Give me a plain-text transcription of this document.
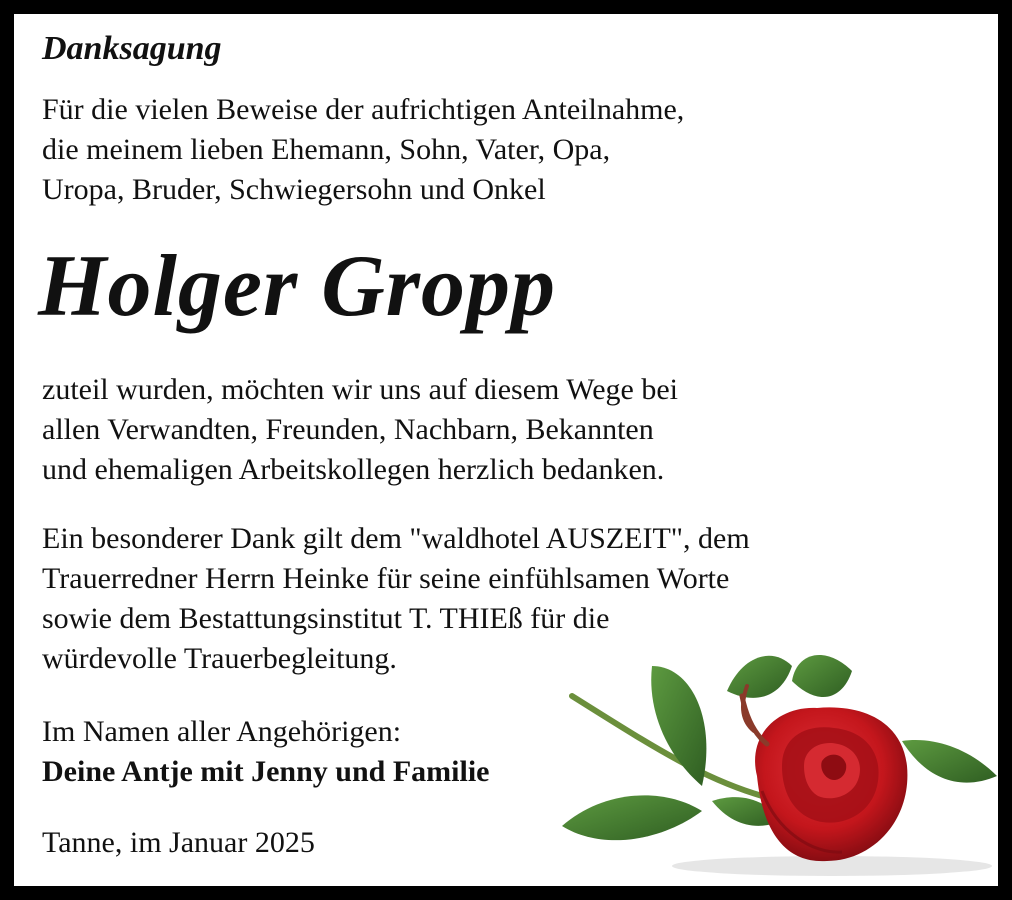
Danksagung

Für die vielen Beweise der aufrichtigen Anteilnahme,
die meinem lieben Ehemann, Sohn, Vater, Opa,
Uropa, Bruder, Schwiegersohn und Onkel

Holger Gropp

zuteil wurden, möchten wir uns auf diesem Wege bei
allen Verwandten, Freunden, Nachbarn, Bekannten
und ehemaligen Arbeitskollegen herzlich bedanken.

Ein besonderer Dank gilt dem "waldhotel AUSZEIT", dem
Trauerredner Herrn Heinke für seine einfühlsamen Worte
sowie dem Bestattungsinstitut T. THIEß für die
würdevolle Trauerbegleitung.

Im Namen aller Angehörigen:
Deine Antje mit Jenny und Familie

Tanne, im Januar 2025
